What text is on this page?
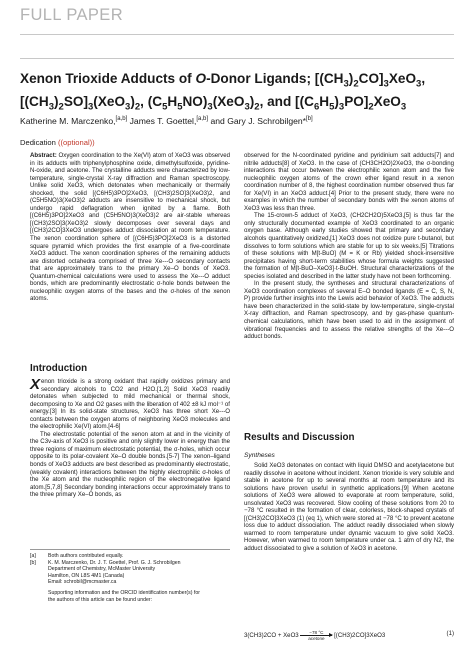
FULL PAPER
Xenon Trioxide Adducts of O-Donor Ligands; $[(CH_3)_2CO]_3XeO_3$, $[(CH_3)_2SO]_3(XeO_3)_2$, $(C_5H_5NO)_3(XeO_3)_2$, and $[(C_6H_5)_3PO]_2XeO_3$
Katherine M. Marczenko,[a,b] James T. Goettel,[a,b] and Gary J. Schrobilgen*[b]
Dedication ((optional))

Abstract: Oxygen coordination to the Xe(VI) atom of XeO3 was observed in its adducts with triphenylphosphine oxide, dimethylsulfoxide, pyridine-N-oxide, and acetone. The crystalline adducts were characterized by low-temperature, single-crystal X-ray diffraction and Raman spectroscopy. Unlike solid XeO3, which detonates when mechanically or thermally shocked, the solid [(C6H5)3PO]2XeO3, [(CH3)2SO]3(XeO3)2, and (C5H5NO)3(XeO3)2 adducts are insensitive to mechanical shock, but undergo rapid deflagration when ignited by a flame. Both [(C6H5)3PO]2XeO3 and (C5H5NO)3(XeO3)2 are air-stable whereas [(CH3)2SO]3(XeO3)2 slowly decomposes over several days and [(CH3)2CO]3XeO3 undergoes adduct dissociation at room temperature. The xenon coordination sphere of [(C6H5)3PO]2XeO3 is a distorted square pyramid which provides the first example of a five-coordinate XeO3 adduct. The xenon coordination spheres of the remaining adducts are distorted octahedra comprised of three Xe---O secondary contacts that are approximately trans to the primary Xe–O bonds of XeO3. Quantum-chemical calculations were used to assess the Xe---O adduct bonds, which are predominantly electrostatic σ-hole bonds between the nucleophilic oxygen atoms of the bases and the σ-holes of the xenon atoms.

Introduction

Xenon trioxide is a strong oxidant that rapidly oxidizes primary and secondary alcohols to CO2 and H2O.[1,2] Solid XeO3 readily detonates when subjected to mild mechanical or thermal shock, decomposing to Xe and O2 gases with the liberation of 402 ±8 kJ mol⁻¹ of energy.[3] In its solid-state structures, XeO3 has three short Xe---O contacts between the oxygen atoms of neighboring XeO3 molecules and the electrophilic Xe(VI) atom.[4-6]

The electrostatic potential of the xenon atom at and in the vicinity of the C3v-axis of XeO3 is positive and only slightly lower in energy than the three regions of maximum electrostatic potential, the σ-holes, which occur opposite to its polar-covalent Xe–O double bonds.[5-7] The xenon–ligand bonds of XeO3 adducts are best described as predominantly electrostatic, (weakly covalent) interactions between the highly electrophilic σ-holes of the Xe atom and the nucleophilic region of the electronegative ligand atom.[5,7,8] Secondary bonding interactions occur approximately trans to the three primary Xe–O bonds, as

[a] Both authors contributed equally.
[b] K. M. Marczenko, Dr. J. T. Goettel, Prof. G. J. Schrobilgen
Department of Chemistry, McMaster University
Hamilton, ON L8S 4M1 (Canada)
Email: schrobil@mcmaster.ca
Supporting information and the ORCID identification number(s) for
the authors of this article can be found under:

observed for the N-coordinated pyridine and pyridinium salt adducts[7] and nitrile adducts[8] of XeO3. In the case of (CH3CH2O)2XeO3, the σ-bonding interactions that occur between the electrophilic xenon atom and the five nucleophilic oxygen atoms of the crown ether ligand result in a xenon coordination number of 8, the highest coordination number observed thus far for Xe(VI) in an XeO3 adduct.[4] Prior to the present study, there were no examples in which the number of secondary bonds with the xenon atoms of XeO3 was less than three.

The 15-crown-5 adduct of XeO3, (CH2CH2O)5XeO3,[5] is thus far the only structurally documented example of XeO3 coordinated to an organic oxygen base. Although early studies showed that primary and secondary alcohols quantitatively oxidized,[1] XeO3 does not oxidize pure t-butanol, but dissolves to form solutions which are stable for up to six weeks.[5] Titrations of these solutions with M[t-BuO] (M = K or Rb) yielded shock-insensitive precipitates having short-term stabilities whose formula weights suggested the formation of M[t-BuO–XeO3]·t-BuOH. Structural characterizations of the species isolated and described in the latter study have not been forthcoming.

In the present study, the syntheses and structural characterizations of XeO3 coordination complexes of several E–O bonded ligands (E = C, S, N, P) provide further insights into the Lewis acid behavior of XeO3. The adducts have been characterized in the solid-state by low-temperature, single-crystal X-ray diffraction, and Raman spectroscopy, and by gas-phase quantum-chemical calculations, which have been used to aid in the assignment of vibrational frequencies and to assess the relative strengths of the Xe---O adduct bonds.

Results and Discussion
Syntheses

Solid XeO3 detonates on contact with liquid DMSO and acetylacetone but readily dissolve in acetone without incident. Xenon trioxide is very soluble and stable in acetone for up to several months at room temperature and its solutions have proven useful in synthetic applications.[9] When acetone solutions of XeO3 were allowed to evaporate at room temperature, solid, unsolvated XeO3 was recovered. Slow cooling of these solutions from 20 to −78 °C resulted in the formation of clear, colorless, block-shaped crystals of [(CH3)2CO]3XeO3 (1) (eq 1), which were stored at −78 °C to prevent acetone loss due to adduct dissociation. The adduct readily dissociated when slowly warmed to room temperature under dynamic vacuum to give solid XeO3. However, when warmed to room temperature under ca. 1 atm of dry N2, the adduct dissociated to give a solution of XeO3 in acetone.

3(CH3)2CO + XeO3	−78 °C
acetone	[(CH3)2CO]3XeO3	(1)
